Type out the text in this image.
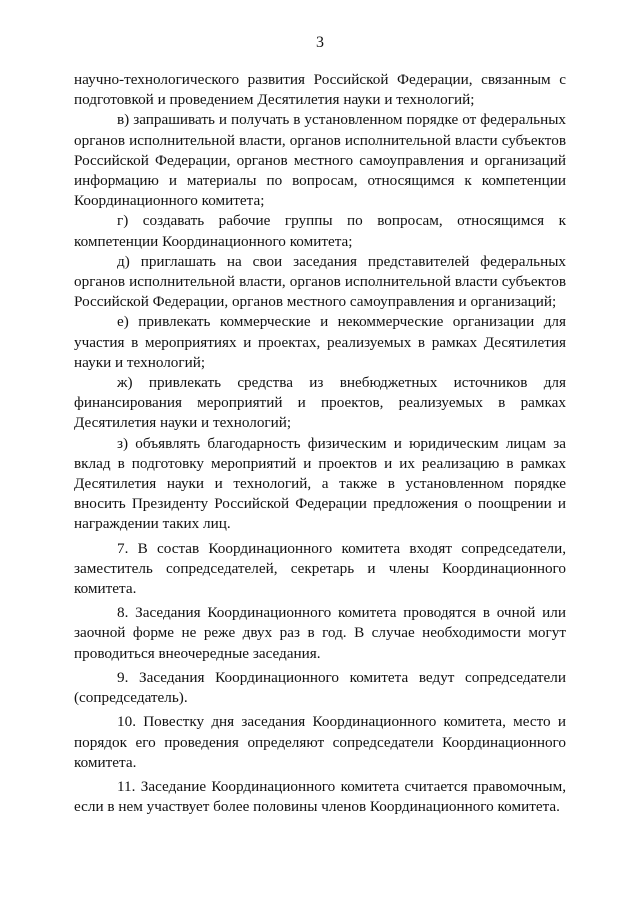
3

научно-технологического развития Российской Федерации, связанным с подготовкой и проведением Десятилетия науки и технологий;

в) запрашивать и получать в установленном порядке от федеральных органов исполнительной власти, органов исполнительной власти субъектов Российской Федерации, органов местного самоуправления и организаций информацию и материалы по вопросам, относящимся к компетенции Координационного комитета;

г) создавать рабочие группы по вопросам, относящимся к компетенции Координационного комитета;

д) приглашать на свои заседания представителей федеральных органов исполнительной власти, органов исполнительной власти субъектов Российской Федерации, органов местного самоуправления и организаций;

е) привлекать коммерческие и некоммерческие организации для участия в мероприятиях и проектах, реализуемых в рамках Десятилетия науки и технологий;

ж) привлекать средства из внебюджетных источников для финансирования мероприятий и проектов, реализуемых в рамках Десятилетия науки и технологий;

з) объявлять благодарность физическим и юридическим лицам за вклад в подготовку мероприятий и проектов и их реализацию в рамках Десятилетия науки и технологий, а также в установленном порядке вносить Президенту Российской Федерации предложения о поощрении и награждении таких лиц.

7. В состав Координационного комитета входят сопредседатели, заместитель сопредседателей, секретарь и члены Координационного комитета.

8. Заседания Координационного комитета проводятся в очной или заочной форме не реже двух раз в год. В случае необходимости могут проводиться внеочередные заседания.

9. Заседания Координационного комитета ведут сопредседатели (сопредседатель).

10. Повестку дня заседания Координационного комитета, место и порядок его проведения определяют сопредседатели Координационного комитета.

11. Заседание Координационного комитета считается правомочным, если в нем участвует более половины членов Координационного комитета.
